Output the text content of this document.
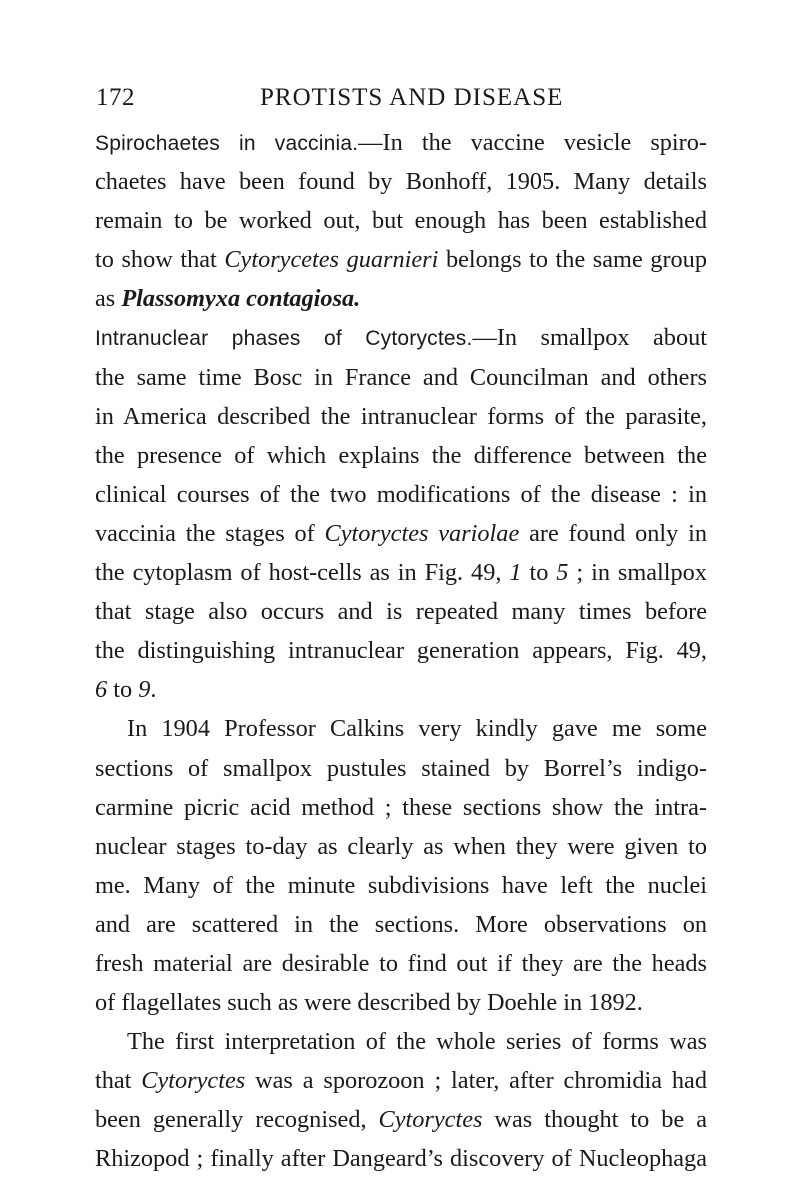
172	PROTISTS AND DISEASE
Spirochaetes in vaccinia.—In the vaccine vesicle spiro-
chaetes have been found by Bonhoff, 1905. Many details
remain to be worked out, but enough has been established
to show that Cytorycetes guarnieri belongs to the same group
as Plassomyxa contagiosa.
Intranuclear phases of Cytoryctes.—In smallpox about
the same time Bosc in France and Councilman and others
in America described the intranuclear forms of the parasite,
the presence of which explains the difference between the
clinical courses of the two modifications of the disease : in
vaccinia the stages of Cytoryctes variolae are found only in
the cytoplasm of host-cells as in Fig. 49, 1 to 5 ; in smallpox
that stage also occurs and is repeated many times before
the distinguishing intranuclear generation appears, Fig. 49,
6 to 9.
In 1904 Professor Calkins very kindly gave me some
sections of smallpox pustules stained by Borrel’s indigo-
carmine picric acid method ; these sections show the intra-
nuclear stages to-day as clearly as when they were given to
me. Many of the minute subdivisions have left the nuclei
and are scattered in the sections. More observations on
fresh material are desirable to find out if they are the heads
of flagellates such as were described by Doehle in 1892.
The first interpretation of the whole series of forms was
that Cytoryctes was a sporozoon ; later, after chromidia had
been generally recognised, Cytoryctes was thought to be a
Rhizopod ; finally after Dangeard’s discovery of Nucleophaga
